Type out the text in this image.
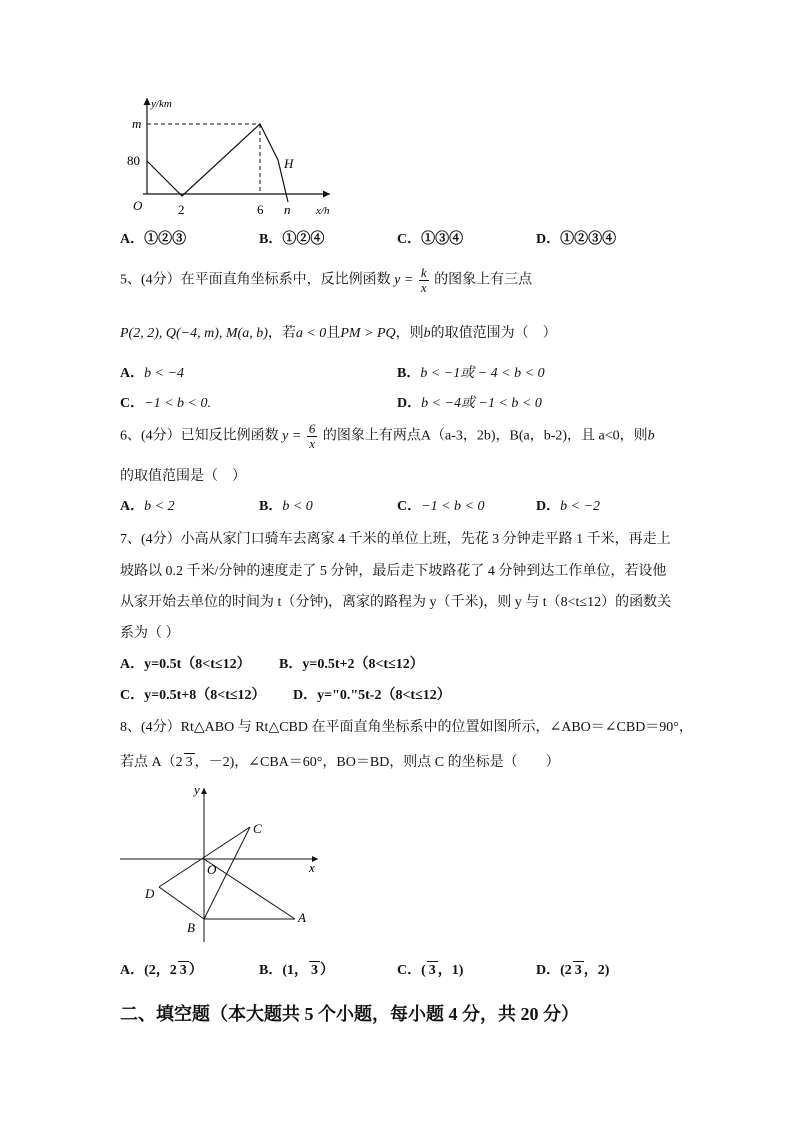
y/km
x/h
m
80
O	2	6 n
H
A．①②③	B．①②④	C．①③④	D．①②③④
5、(4分）在平面直角坐标系中，反比例函数 $y = \frac{k}{x}$ 的图象上有三点
P(2, 2), Q(−4, m), M(a, b)，若a < 0且PM > PQ，则b的取值范围为（　）
A．b < −4	B．b < −1或 − 4 < b < 0
C．−1 < b < 0.	D．b < −4或 −1 < b < 0
6、(4分）已知反比例函数 $y = \frac{6}{x}$ 的图象上有两点A（a-3，2b)，B(a，b-2)，且 a<0，则b
的取值范围是（　）
A．b < 2	B．b < 0	C．−1 < b < 0	D．b < −2
7、(4分）小高从家门口骑车去离家 4 千米的单位上班，先花 3 分钟走平路 1 千米，再走上
坡路以 0.2 千米/分钟的速度走了 5 分钟，最后走下坡路花了 4 分钟到达工作单位，若设他
从家开始去单位的时间为 t（分钟)，离家的路程为 y（千米)，则 y 与 t（8<t≤12）的函数关
系为（ ）
A．y=0.5t（8<t≤12） B．y=0.5t+2（8<t≤12）
C．y=0.5t+8（8<t≤12） D．y="0."5t-2（8<t≤12）
8、(4分）Rt△ABO 与 Rt△CBD 在平面直角坐标系中的位置如图所示，∠ABO＝∠CBD＝90°，
若点 A（2 3 ，－2)，∠CBA＝60°，BO＝BD，则点 C 的坐标是（　　）
y
x
O
A
B
C
D
A．(2，2 3 ）	B．(1， 3 ）	C．( 3 ，1)	D．(2 3 ，2)
二、填空题（本大题共 5 个小题，每小题 4 分，共 20 分）
